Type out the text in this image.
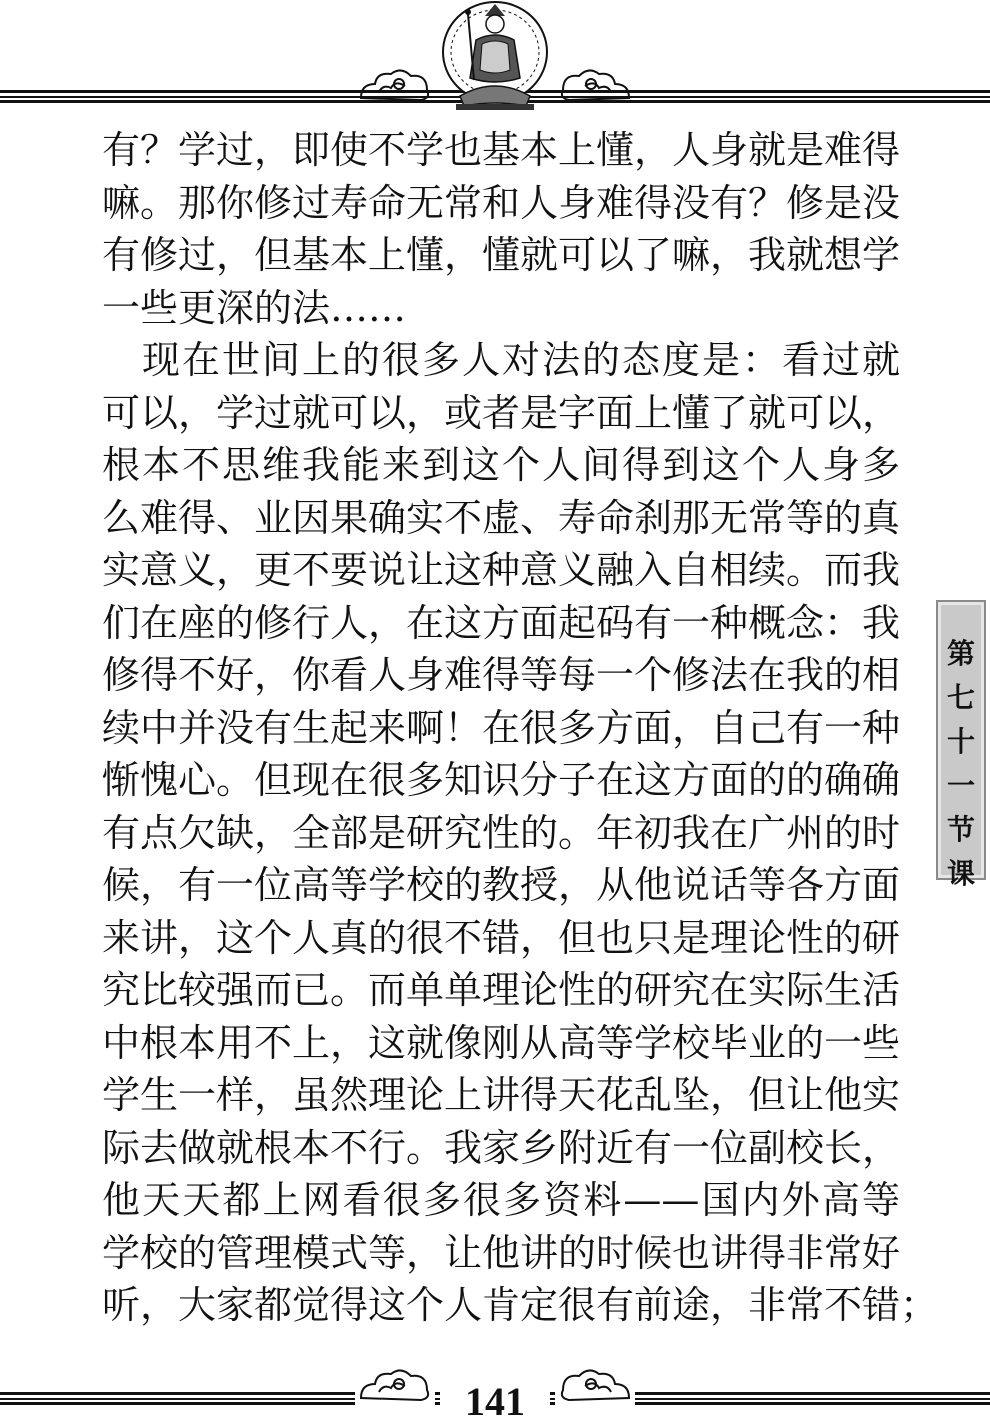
有？学过，即使不学也基本上懂，人身就是难得
嘛。那你修过寿命无常和人身难得没有？修是没
有修过，但基本上懂，懂就可以了嘛，我就想学
一些更深的法……
　现在世间上的很多人对法的态度是：看过就
可以，学过就可以，或者是字面上懂了就可以，
根本不思维我能来到这个人间得到这个人身多
么难得、业因果确实不虚、寿命刹那无常等的真
实意义，更不要说让这种意义融入自相续。而我
们在座的修行人，在这方面起码有一种概念：我
修得不好，你看人身难得等每一个修法在我的相
续中并没有生起来啊！在很多方面，自己有一种
惭愧心。但现在很多知识分子在这方面的的确确
有点欠缺，全部是研究性的。年初我在广州的时
候，有一位高等学校的教授，从他说话等各方面
来讲，这个人真的很不错，但也只是理论性的研
究比较强而已。而单单理论性的研究在实际生活
中根本用不上，这就像刚从高等学校毕业的一些
学生一样，虽然理论上讲得天花乱坠，但让他实
际去做就根本不行。我家乡附近有一位副校长，
他天天都上网看很多很多资料——国内外高等
学校的管理模式等，让他讲的时候也讲得非常好
听，大家都觉得这个人肯定很有前途，非常不错；
第
七
十
一
节
课
141
